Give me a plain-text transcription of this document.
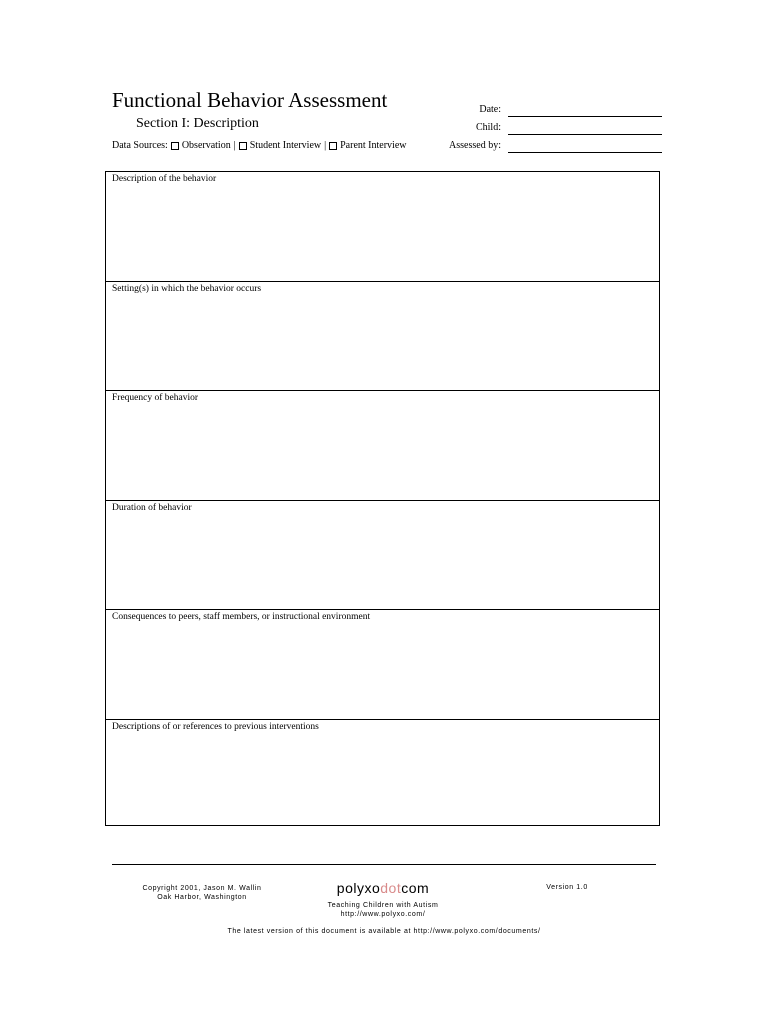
Functional Behavior Assessment
Section I: Description
Data Sources: Observation | Student Interview | Parent Interview
Date:
Child:
Assessed by:
Description of the behavior
Setting(s) in which the behavior occurs
Frequency of behavior
Duration of behavior
Consequences to peers, staff members, or instructional environment
Descriptions of or references to previous interventions
Copyright 2001, Jason M. Wallin
Oak Harbor, Washington
polyxodotcom
Teaching Children with Autism
http://www.polyxo.com/
Version 1.0
The latest version of this document is available at http://www.polyxo.com/documents/
